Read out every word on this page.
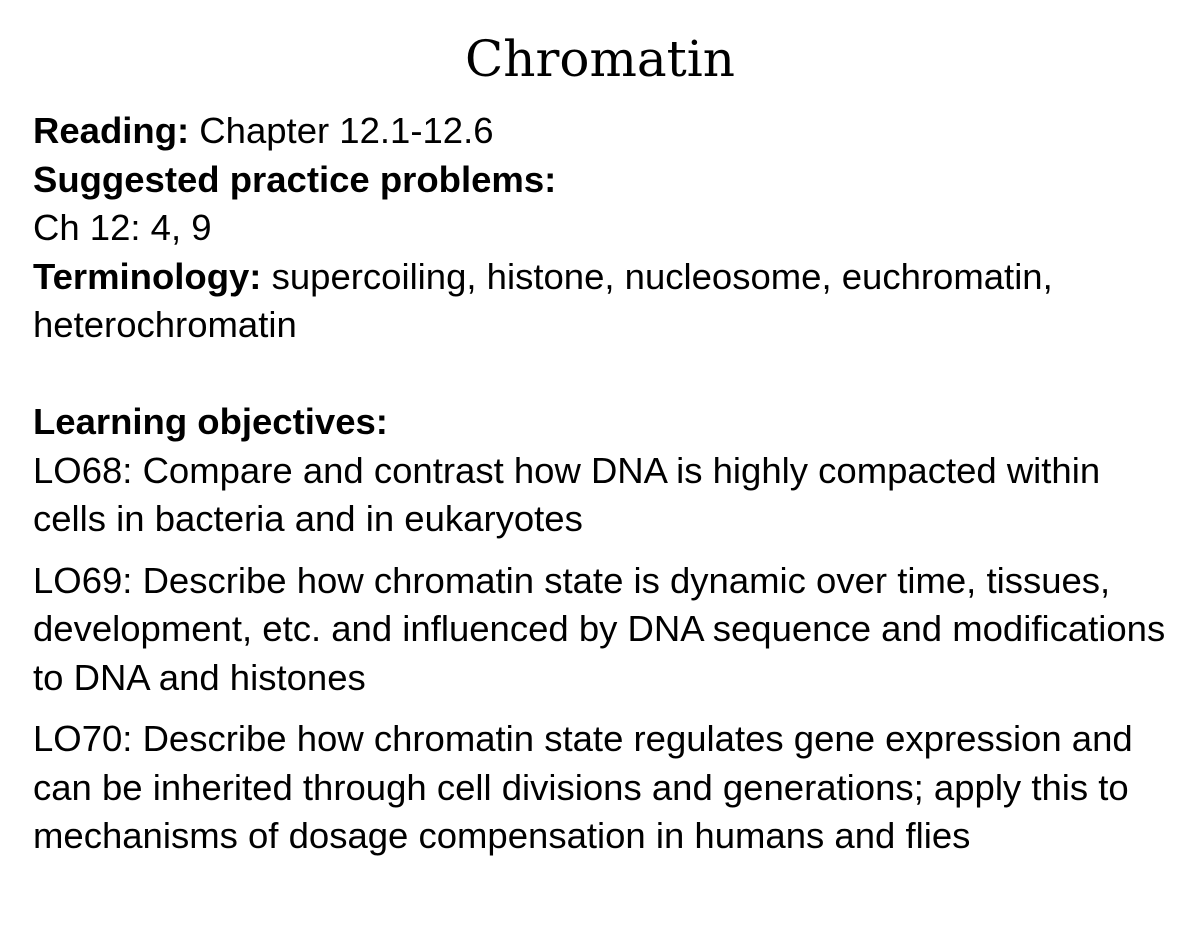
Chromatin

Reading: Chapter 12.1-12.6

Suggested practice problems:

Ch 12: 4, 9

Terminology: supercoiling, histone, nucleosome, euchromatin, heterochromatin

Learning objectives:

LO68: Compare and contrast how DNA is highly compacted within cells in bacteria and in eukaryotes

LO69: Describe how chromatin state is dynamic over time, tissues, development, etc. and influenced by DNA sequence and modifications to DNA and histones

LO70: Describe how chromatin state regulates gene expression and can be inherited through cell divisions and generations; apply this to mechanisms of dosage compensation in humans and flies
